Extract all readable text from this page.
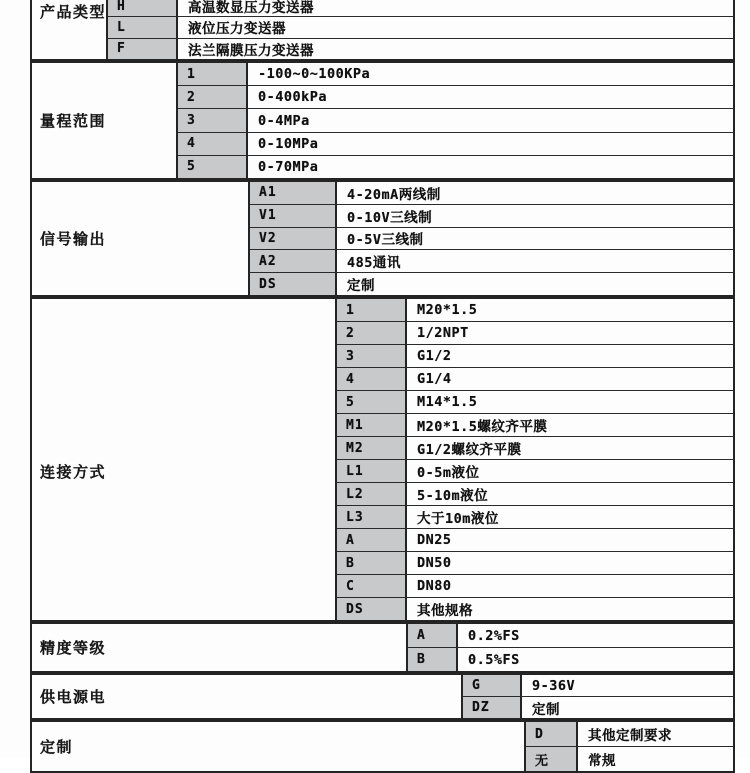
产品类型 H	高温数显压力变送器
L	液位压力变送器
F	法兰隔膜压力变送器
量程范围
1	-100~0~100KPa
2	0-400kPa
3	0-4MPa
4	0-10MPa
5	0-70MPa
信号输出
A1	4-20mA两线制
V1	0-10V三线制
V2	0-5V三线制
A2	485通讯
DS	定制
连接方式
1	M20*1.5
2	1/2NPT
3	G1/2
4	G1/4
5	M14*1.5
M1	M20*1.5螺纹齐平膜
M2	G1/2螺纹齐平膜
L1	0-5m液位
L2	5-10m液位
L3	大于10m液位
A	DN25
B	DN50
C	DN80
DS	其他规格
精度等级
A	0.2%FS
B	0.5%FS
供电源电
G	9-36V
DZ	定制
定制
D	其他定制要求
无	常规
